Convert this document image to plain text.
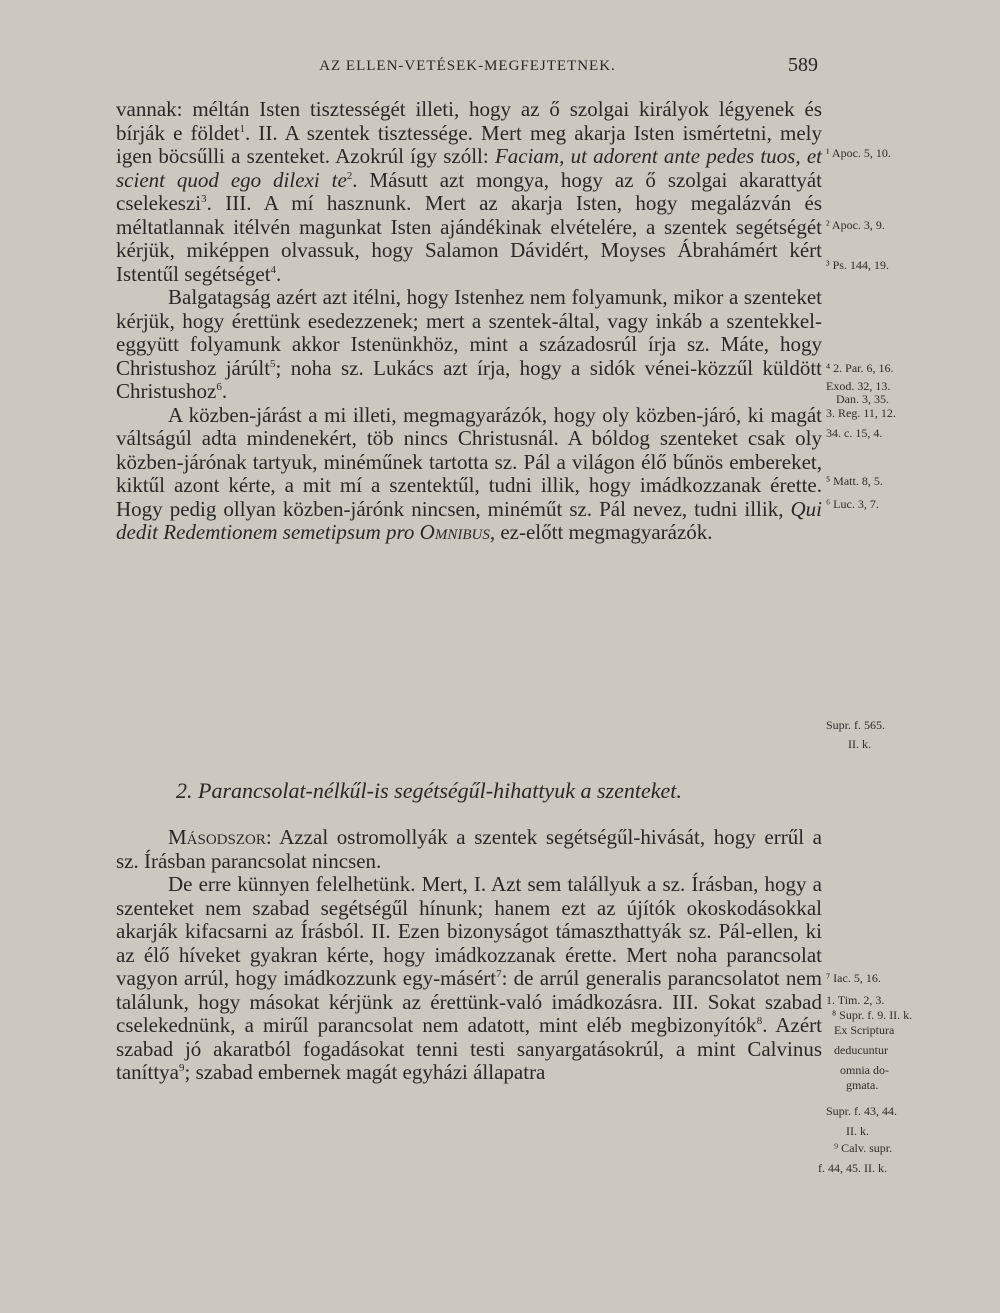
AZ ELLEN-VETÉSEK-MEGFEJTETNEK.	589

vannak: méltán Isten tisztességét illeti, hogy az ő szolgai királyok légyenek és bírják e földet$^1$. II. A szentek tisztessége. Mert meg akarja Isten ismértetni, mely igen böcsűlli a szenteket. Azokrúl így szóll: Faciam, ut adorent ante pedes tuos, et scient quod ego dilexi $te^2$. Másutt azt mongya, hogy az ő szolgai akarattyát cselekeszi$^3$. III. A mí hasznunk. Mert az akarja Isten, hogy megalázván és méltatlannak itélvén magunkat Isten ajándékinak elvételére, a szentek segétségét kérjük, miképpen olvassuk, hogy Salamon Dávidért, Moyses Ábrahámért kért Istentűl segétséget$^4$.

Balgatagság azért azt itélni, hogy Istenhez nem folyamunk, mikor a szenteket kérjük, hogy érettünk esedezzenek; mert a szentek-által, vagy inkáb a szentekkel-eggyütt folyamunk akkor Istenünkhöz, mint a századosrúl írja sz. Máte, hogy Christushoz járúlt$^5$; noha sz. Lukács azt írja, hogy a sidók vénei-közzűl küldött Christushoz$^6$.

A közben-járást a mi illeti, megmagyarázók, hogy oly közben-járó, ki magát váltságúl adta mindenekért, töb nincs Christusnál. A bóldog szenteket csak oly közben-járónak tartyuk, minéműnek tartotta sz. Pál a világon élő bűnös embereket, kiktűl azont kérte, a mit mí a szentektűl, tudni illik, hogy imádkozzanak érette. Hogy pedig ollyan közben-járónk nincsen, minéműt sz. Pál nevez, tudni illik, Qui dedit Redemtionem semetipsum pro Omnibus, ez-előtt megmagyarázók.

2. Parancsolat-nélkűl-is segétségűl-hihattyuk a szenteket.

Másodszor: Azzal ostromollyák a szentek segétségűl-hivását, hogy errűl a sz. Írásban parancsolat nincsen.

De erre künnyen felelhetünk. Mert, I. Azt sem talállyuk a sz. Írásban, hogy a szenteket nem szabad segétségűl hínunk; hanem ezt az újítók okoskodásokkal akarják kifacsarni az Írásból. II. Ezen bizonyságot támaszthattyák sz. Pál-ellen, ki az élő híveket gyakran kérte, hogy imádkozzanak érette. Mert noha parancsolat vagyon arrúl, hogy imádkozzunk egy-másért$^7$: de arrúl generalis parancsolatot nem találunk, hogy másokat kérjünk az érettünk-való imádkozásra. III. Sokat szabad cselekednünk, a mirűl parancsolat nem adatott, mint eléb megbizonyítók$^8$. Azért szabad jó akaratból fogadásokat tenni testi sanyargatásokrúl, a mint Calvinus taníttya$^9$; szabad embernek magát egyházi állapatra

¹ Apoc. 5, 10.
² Apoc. 3, 9.
³ Ps. 144, 19.
⁴ 2. Par. 6, 16.
Exod. 32, 13.
Dan. 3, 35.
3. Reg. 11, 12.
34. c. 15, 4.
⁵ Matt. 8, 5.
⁶ Luc. 3, 7.
Supr. f. 565.
II. k.
⁷ Iac. 5, 16.
1. Tim. 2, 3.
⁸ Supr. f. 9. II. k.
Ex Scriptura
deducuntur
omnia do-
gmata.
Supr. f. 43, 44.
II. k.
⁹ Calv. supr.
f. 44, 45. II. k.
